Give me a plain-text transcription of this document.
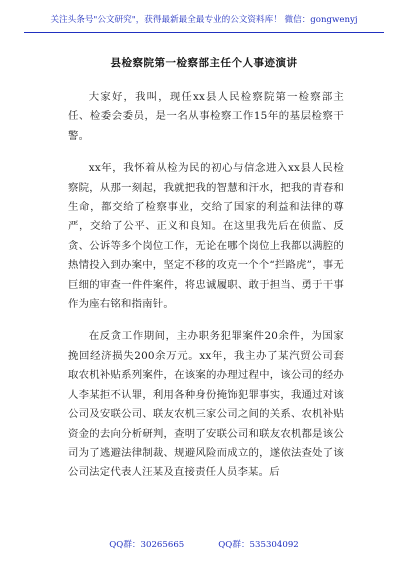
关注头条号"公文研究"，获得最新最全最专业的公文资料库！ 微信：gongwenyj
县检察院第一检察部主任个人事迹演讲

大家好，我叫，现任xx县人民检察院第一检察部主任、检委会委员，是一名从事检察工作15年的基层检察干警。

xx年，我怀着从检为民的初心与信念进入xx县人民检察院，从那一刻起，我就把我的智慧和汗水，把我的青春和生命，都交给了检察事业，交给了国家的利益和法律的尊严，交给了公平、正义和良知。在这里我先后在侦监、反贪、公诉等多个岗位工作，无论在哪个岗位上我都以满腔的热情投入到办案中，坚定不移的攻克一个个“拦路虎”，事无巨细的审查一件件案件，将忠诚履职、敢于担当、勇于干事作为座右铭和指南针。

在反贪工作期间，主办职务犯罪案件20余件，为国家挽回经济损失200余万元。xx年，我主办了某汽贸公司套取农机补贴系列案件，在该案的办理过程中，该公司的经办人李某拒不认罪，利用各种身份掩饰犯罪事实，我通过对该公司及安联公司、联友农机三家公司之间的关系、农机补贴资金的去向分析研判，查明了安联公司和联友农机都是该公司为了逃避法律制裁、规避风险而成立的，遂依法查处了该公司法定代表人汪某及直接责任人员李某。后

QQ群：30265665	QQ群：535304092
